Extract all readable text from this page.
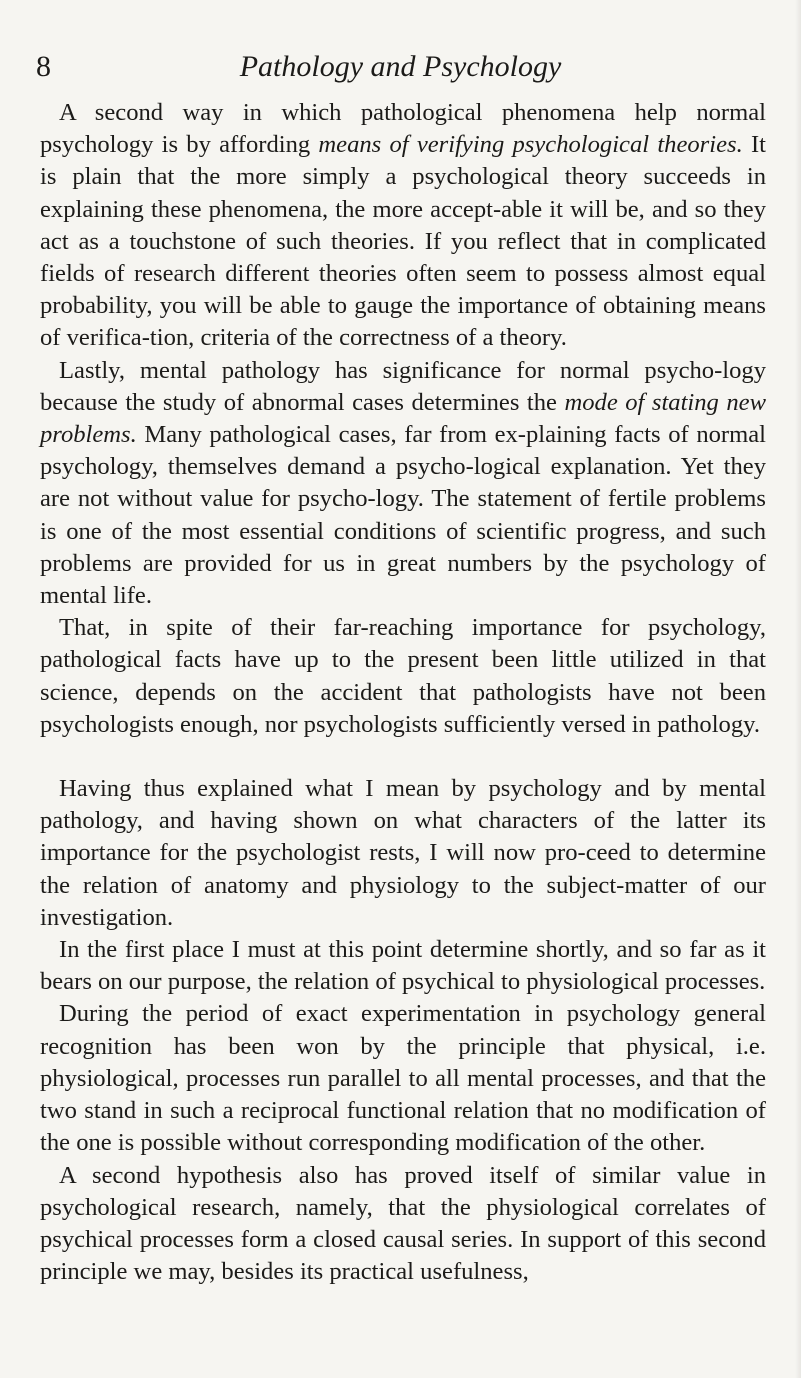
8	Pathology and Psychology

A second way in which pathological phenomena help normal psychology is by affording means of verifying psychological theories. It is plain that the more simply a psychological theory succeeds in explaining these phenomena, the more accept-able it will be, and so they act as a touchstone of such theories. If you reflect that in complicated fields of research different theories often seem to possess almost equal probability, you will be able to gauge the importance of obtaining means of verifica-tion, criteria of the correctness of a theory.

Lastly, mental pathology has significance for normal psycho-logy because the study of abnormal cases determines the mode of stating new problems. Many pathological cases, far from ex-plaining facts of normal psychology, themselves demand a psycho-logical explanation. Yet they are not without value for psycho-logy. The statement of fertile problems is one of the most essential conditions of scientific progress, and such problems are provided for us in great numbers by the psychology of mental life.

That, in spite of their far-reaching importance for psychology, pathological facts have up to the present been little utilized in that science, depends on the accident that pathologists have not been psychologists enough, nor psychologists sufficiently versed in pathology.

Having thus explained what I mean by psychology and by mental pathology, and having shown on what characters of the latter its importance for the psychologist rests, I will now pro-ceed to determine the relation of anatomy and physiology to the subject-matter of our investigation.

In the first place I must at this point determine shortly, and so far as it bears on our purpose, the relation of psychical to physiological processes.

During the period of exact experimentation in psychology general recognition has been won by the principle that physical, i.e. physiological, processes run parallel to all mental processes, and that the two stand in such a reciprocal functional relation that no modification of the one is possible without corresponding modification of the other.

A second hypothesis also has proved itself of similar value in psychological research, namely, that the physiological correlates of psychical processes form a closed causal series. In support of this second principle we may, besides its practical usefulness,
